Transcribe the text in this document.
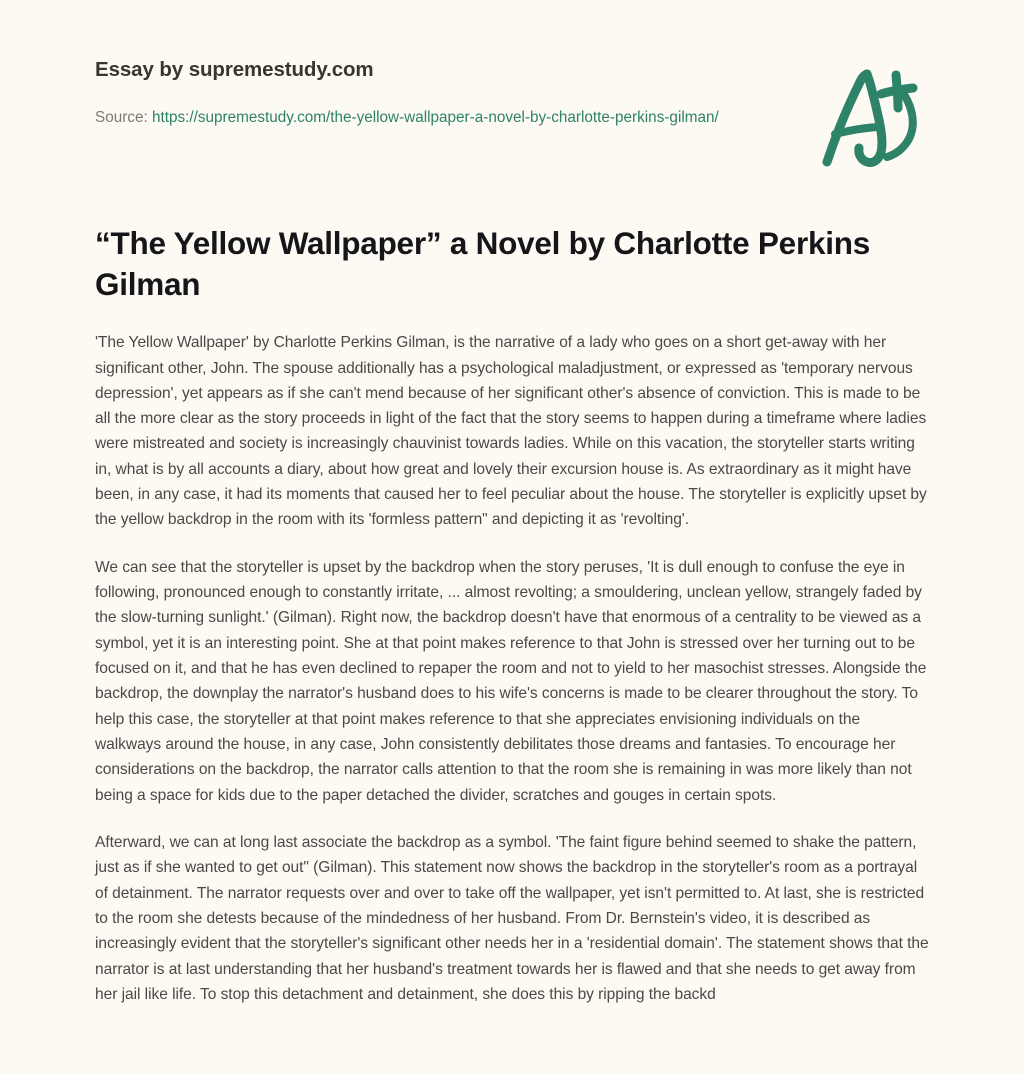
Essay by supremestudy.com
Source: https://supremestudy.com/the-yellow-wallpaper-a-novel-by-charlotte-perkins-gilman/
“The Yellow Wallpaper” a Novel by Charlotte Perkins Gilman

'The Yellow Wallpaper' by Charlotte Perkins Gilman, is the narrative of a lady who goes on a short get-away with her significant other, John. The spouse additionally has a psychological maladjustment, or expressed as 'temporary nervous depression', yet appears as if she can't mend because of her significant other's absence of conviction. This is made to be all the more clear as the story proceeds in light of the fact that the story seems to happen during a timeframe where ladies were mistreated and society is increasingly chauvinist towards ladies. While on this vacation, the storyteller starts writing in, what is by all accounts a diary, about how great and lovely their excursion house is. As extraordinary as it might have been, in any case, it had its moments that caused her to feel peculiar about the house. The storyteller is explicitly upset by the yellow backdrop in the room with its 'formless pattern" and depicting it as 'revolting'.

We can see that the storyteller is upset by the backdrop when the story peruses, 'It is dull enough to confuse the eye in following, pronounced enough to constantly irritate, ... almost revolting; a smouldering, unclean yellow, strangely faded by the slow-turning sunlight.' (Gilman). Right now, the backdrop doesn't have that enormous of a centrality to be viewed as a symbol, yet it is an interesting point. She at that point makes reference to that John is stressed over her turning out to be focused on it, and that he has even declined to repaper the room and not to yield to her masochist stresses. Alongside the backdrop, the downplay the narrator's husband does to his wife's concerns is made to be clearer throughout the story. To help this case, the storyteller at that point makes reference to that she appreciates envisioning individuals on the walkways around the house, in any case, John consistently debilitates those dreams and fantasies. To encourage her considerations on the backdrop, the narrator calls attention to that the room she is remaining in was more likely than not being a space for kids due to the paper detached the divider, scratches and gouges in certain spots.

Afterward, we can at long last associate the backdrop as a symbol. 'The faint figure behind seemed to shake the pattern, just as if she wanted to get out" (Gilman). This statement now shows the backdrop in the storyteller's room as a portrayal of detainment. The narrator requests over and over to take off the wallpaper, yet isn't permitted to. At last, she is restricted to the room she detests because of the mindedness of her husband. From Dr. Bernstein's video, it is described as increasingly evident that the storyteller's significant other needs her in a 'residential domain'. The statement shows that the narrator is at last understanding that her husband's treatment towards her is flawed and that she needs to get away from her jail like life. To stop this detachment and detainment, she does this by ripping the backd
